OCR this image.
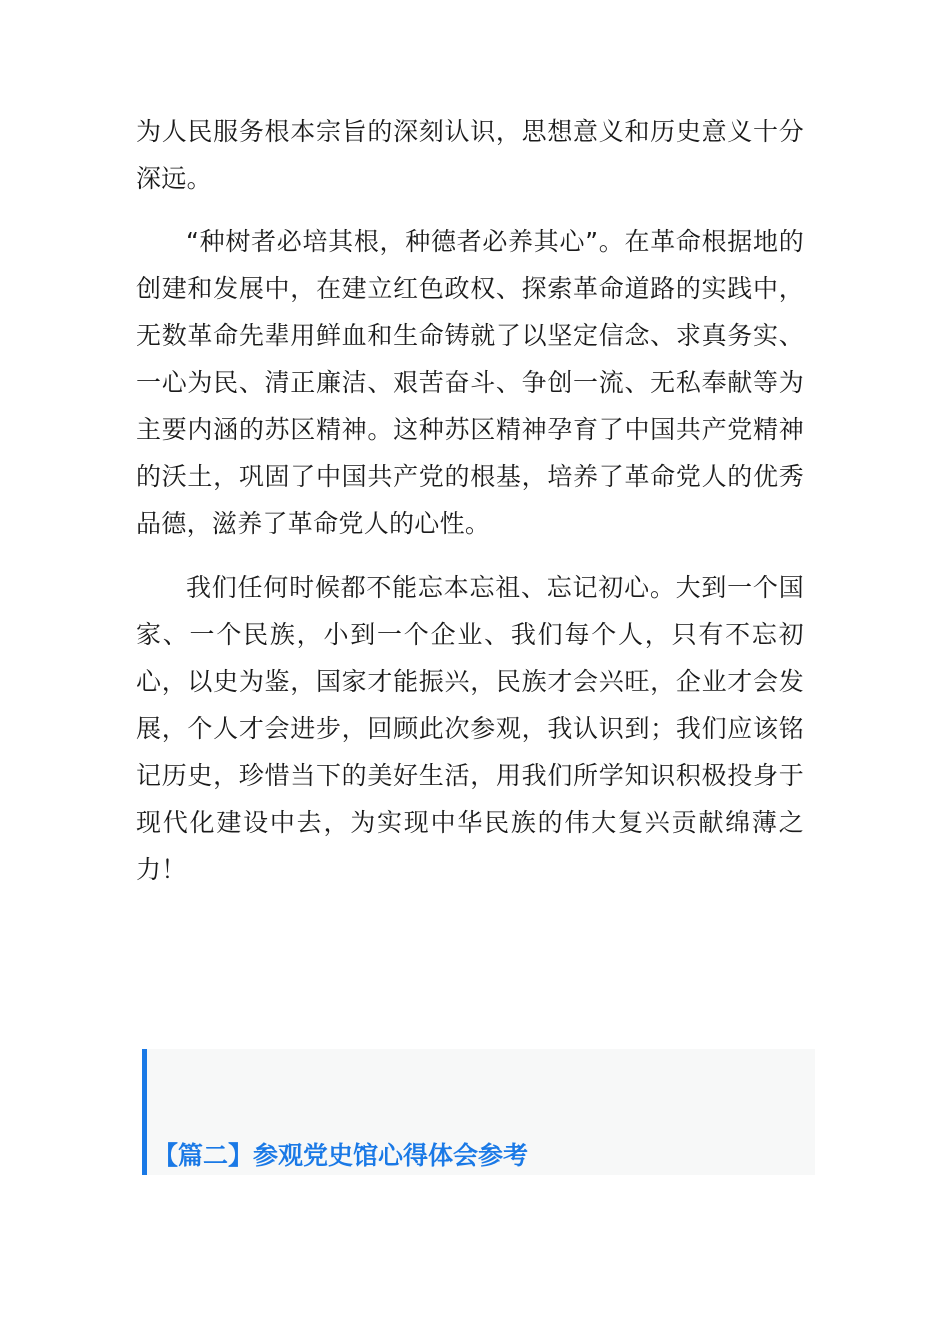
为人民服务根本宗旨的深刻认识，思想意义和历史意义十分深远。

“种树者必培其根，种德者必养其心”。在革命根据地的创建和发展中，在建立红色政权、探索革命道路的实践中，无数革命先辈用鲜血和生命铸就了以坚定信念、求真务实、一心为民、清正廉洁、艰苦奋斗、争创一流、无私奉献等为主要内涵的苏区精神。这种苏区精神孕育了中国共产党精神的沃土，巩固了中国共产党的根基，培养了革命党人的优秀品德，滋养了革命党人的心性。

我们任何时候都不能忘本忘祖、忘记初心。大到一个国家、一个民族，小到一个企业、我们每个人，只有不忘初心，以史为鉴，国家才能振兴，民族才会兴旺，企业才会发展，个人才会进步，回顾此次参观，我认识到；我们应该铭记历史，珍惜当下的美好生活，用我们所学知识积极投身于现代化建设中去，为实现中华民族的伟大复兴贡献绵薄之力！

【篇二】参观党史馆心得体会参考
